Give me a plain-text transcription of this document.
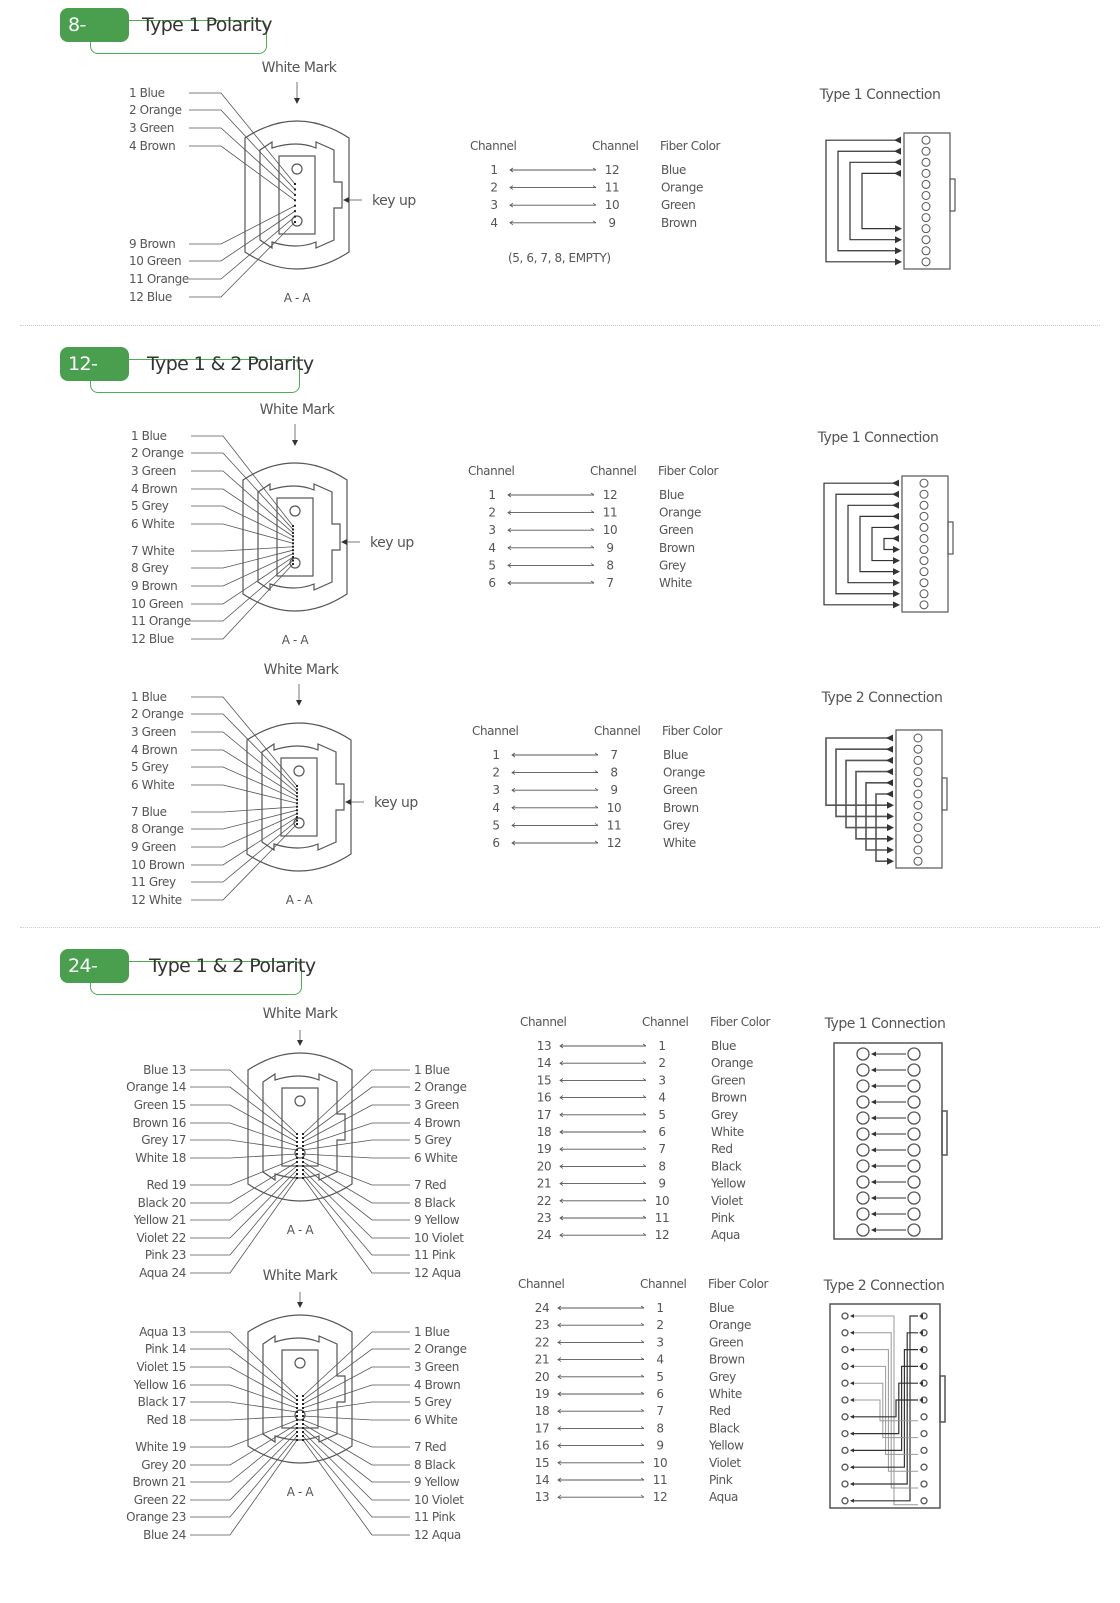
8-Fibers
Type 1 Polarity
12-Fibers
Type 1 & 2 Polarity
24-Fibers
Type 1 & 2 Polarity
White Mark
key up
A - A
1 Blue
2 Orange
3 Green
4 Brown
9 Brown
10 Green
11 Orange
12 Blue
Channel	Channel Fiber Color
1	12	Blue
2	11	Orange
3	10	Green
4	9	Brown
(5, 6, 7, 8, EMPTY)
Type 1 Connection
White Mark
key up
A - A
1 Blue
2 Orange
3 Green
4 Brown
5 Grey
6 White
7 White
8 Grey
9 Brown
10 Green
11 Orange
12 Blue
Channel	Channel Fiber Color
1	12	Blue
2	11	Orange
3	10	Green
4	9	Brown
5	8	Grey
6	7	White
Type 1 Connection
White Mark
key up
A - A
1 Blue
2 Orange
3 Green
4 Brown
5 Grey
6 White
7 Blue
8 Orange
9 Green
10 Brown
11 Grey
12 White
Channel	Channel Fiber Color
1	7	Blue
2	8	Orange
3	9	Green
4	10	Brown
5	11	Grey
6	12	White
Type 2 Connection
White Mark
A - A
Blue 13
Orange 14
Green 15
Brown 16
Grey 17
White 18
Red 19
Black 20
Yellow 21
Violet 22
Pink 23
Aqua 24
1 Blue
2 Orange
3 Green
4 Brown
5 Grey
6 White
7 Red
8 Black
9 Yellow
10 Violet
11 Pink
12 Aqua
Channel	Channel Fiber Color
13	1	Blue
14	2	Orange
15	3	Green
16	4	Brown
17	5	Grey
18	6	White
19	7	Red
20	8	Black
21	9	Yellow
22	10	Violet
23	11	Pink
24	12	Aqua
Type 1 Connection
White Mark
A - A
Aqua 13
Pink 14
Violet 15
Yellow 16
Black 17
Red 18
White 19
Grey 20
Brown 21
Green 22
Orange 23
Blue 24
1 Blue
2 Orange
3 Green
4 Brown
5 Grey
6 White
7 Red
8 Black
9 Yellow
10 Violet
11 Pink
12 Aqua
Channel	Channel Fiber Color
24	1	Blue
23	2	Orange
22	3	Green
21	4	Brown
20	5	Grey
19	6	White
18	7	Red
17	8	Black
16	9	Yellow
15	10	Violet
14	11	Pink
13	12	Aqua
Type 2 Connection
